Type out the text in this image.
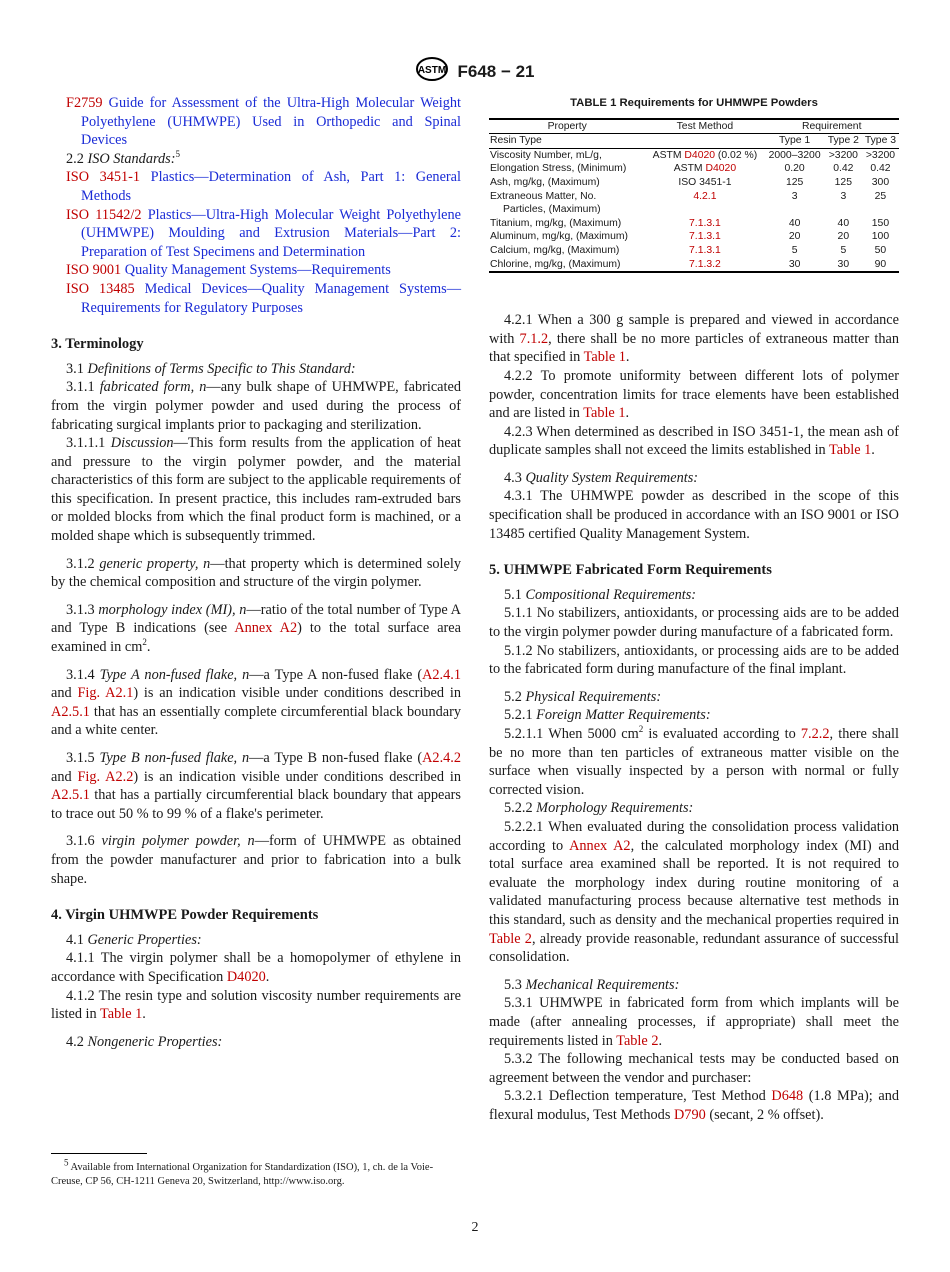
ASTM F648 − 21

F2759 Guide for Assessment of the Ultra-High Molecular Weight Polyethylene (UHMWPE) Used in Orthopedic and Spinal Devices

2.2 ISO Standards:$^5$

ISO 3451-1 Plastics—Determination of Ash, Part 1: General Methods

ISO 11542/2 Plastics—Ultra-High Molecular Weight Polyethylene (UHMWPE) Moulding and Extrusion Materials—Part 2: Preparation of Test Specimens and Determination

ISO 9001 Quality Management Systems—Requirements

ISO 13485 Medical Devices—Quality Management Systems—Requirements for Regulatory Purposes

3. Terminology

3.1 Definitions of Terms Specific to This Standard:

3.1.1 fabricated form, n—any bulk shape of UHMWPE, fabricated from the virgin polymer powder and used during the process of fabricating surgical implants prior to packaging and sterilization.

3.1.1.1 Discussion—This form results from the application of heat and pressure to the virgin polymer powder, and the material characteristics of this form are subject to the applicable requirements of this specification. In present practice, this includes ram-extruded bars or molded blocks from which the final product form is machined, or a molded shape which is subsequently trimmed.

3.1.2 generic property, n—that property which is determined solely by the chemical composition and structure of the virgin polymer.

3.1.3 morphology index (MI), n—ratio of the total number of Type A and Type B indications (see Annex A2) to the total surface area examined in $cm^2$.

3.1.4 Type A non-fused flake, n—a Type A non-fused flake (A2.4.1 and Fig. A2.1) is an indication visible under conditions described in A2.5.1 that has an essentially complete circumferential black boundary and a white center.

3.1.5 Type B non-fused flake, n—a Type B non-fused flake (A2.4.2 and Fig. A2.2) is an indication visible under conditions described in A2.5.1 that has a partially circumferential black boundary that appears to trace out 50 % to 99 % of a flake's perimeter.

3.1.6 virgin polymer powder, n—form of UHMWPE as obtained from the powder manufacturer and prior to fabrication into a bulk shape.

4. Virgin UHMWPE Powder Requirements

4.1 Generic Properties:

4.1.1 The virgin polymer shall be a homopolymer of ethylene in accordance with Specification D4020.

4.1.2 The resin type and solution viscosity number requirements are listed in Table 1.

4.2 Nongeneric Properties:

$^5$ Available from International Organization for Standardization (ISO), 1, ch. de la Voie-Creuse, CP 56, CH-1211 Geneva 20, Switzerland, http://www.iso.org.

TABLE 1 Requirements for UHMWPE Powders
Property	Test Method	Requirement		
Resin Type		Type 1	Type 2	Type 3
Viscosity Number, mL/g,	ASTM D4020 (0.02 %)	2000–3200	>3200	>3200
Elongation Stress, (Minimum)	ASTM D4020	0.20	0.42	0.42
Ash, mg/kg, (Maximum)	ISO 3451-1	125	125	300
Extraneous Matter, No.	4.2.1	3	3	25
Particles, (Maximum)				
Titanium, mg/kg, (Maximum)	7.1.3.1	40	40	150
Aluminum, mg/kg, (Maximum)	7.1.3.1	20	20	100
Calcium, mg/kg, (Maximum)	7.1.3.1	5	5	50
Chlorine, mg/kg, (Maximum)	7.1.3.2	30	30	90

4.2.1 When a 300 g sample is prepared and viewed in accordance with 7.1.2, there shall be no more particles of extraneous matter than that specified in Table 1.

4.2.2 To promote uniformity between different lots of polymer powder, concentration limits for trace elements have been established and are listed in Table 1.

4.2.3 When determined as described in ISO 3451-1, the mean ash of duplicate samples shall not exceed the limits established in Table 1.

4.3 Quality System Requirements:

4.3.1 The UHMWPE powder as described in the scope of this specification shall be produced in accordance with an ISO 9001 or ISO 13485 certified Quality Management System.

5. UHMWPE Fabricated Form Requirements

5.1 Compositional Requirements:

5.1.1 No stabilizers, antioxidants, or processing aids are to be added to the virgin polymer powder during manufacture of a fabricated form.

5.1.2 No stabilizers, antioxidants, or processing aids are to be added to the fabricated form during manufacture of the final implant.

5.2 Physical Requirements:

5.2.1 Foreign Matter Requirements:

5.2.1.1 When 5000 $cm^2$ is evaluated according to 7.2.2, there shall be no more than ten particles of extraneous matter visible on the surface when visually inspected by a person with normal or fully corrected vision.

5.2.2 Morphology Requirements:

5.2.2.1 When evaluated during the consolidation process validation according to Annex A2, the calculated morphology index (MI) and total surface area examined shall be reported. It is not required to evaluate the morphology index during routine monitoring of a validated manufacturing process because alternative test methods in this standard, such as density and the mechanical properties required in Table 2, already provide reasonable, redundant assurance of successful consolidation.

5.3 Mechanical Requirements:

5.3.1 UHMWPE in fabricated form from which implants will be made (after annealing processes, if appropriate) shall meet the requirements listed in Table 2.

5.3.2 The following mechanical tests may be conducted based on agreement between the vendor and purchaser:

5.3.2.1 Deflection temperature, Test Method D648 (1.8 MPa); and flexural modulus, Test Methods D790 (secant, 2 % offset).

2
